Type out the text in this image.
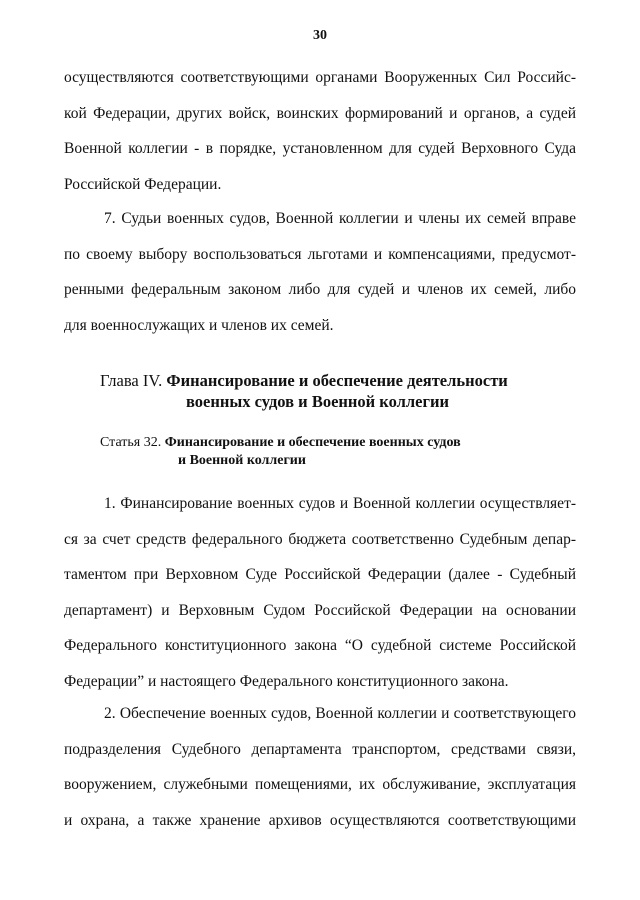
30
осуществляются соответствующими органами Вооруженных Сил Российс-
кой Федерации, других войск, воинских формирований и органов, а судей
Военной коллегии - в порядке, установленном для судей Верховного Суда
Российской Федерации.
7. Судьи военных судов, Военной коллегии и члены их семей вправе
по своему выбору воспользоваться льготами и компенсациями, предусмот-
ренными федеральным законом либо для судей и членов их семей, либо
для военнослужащих и членов их семей.
Глава IV. Финансирование и обеспечение деятельности
военных судов и Военной коллегии
Статья 32. Финансирование и обеспечение военных судов
и Военной коллегии
1. Финансирование военных судов и Военной коллегии осуществляет-
ся за счет средств федерального бюджета соответственно Судебным депар-
таментом при Верховном Суде Российской Федерации (далее - Судебный
департамент) и Верховным Судом Российской Федерации на основании
Федерального конституционного закона “О судебной системе Российской
Федерации” и настоящего Федерального конституционного закона.
2. Обеспечение военных судов, Военной коллегии и соответствующего
подразделения Судебного департамента транспортом, средствами связи,
вооружением, служебными помещениями, их обслуживание, эксплуатация
и охрана, а также хранение архивов осуществляются соответствующими
